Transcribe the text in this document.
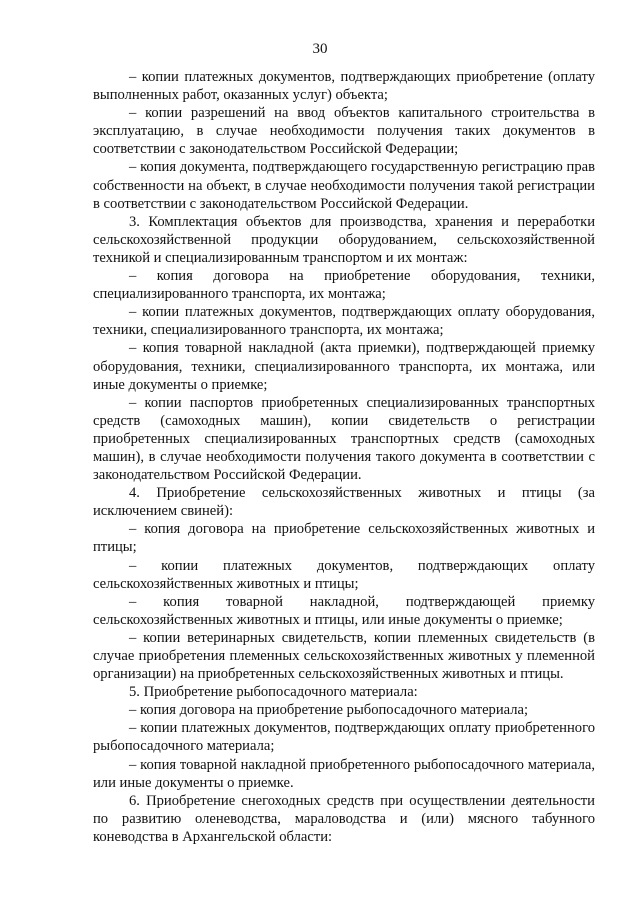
30

– копии платежных документов, подтверждающих приобретение (оплату выполненных работ, оказанных услуг) объекта;

– копии разрешений на ввод объектов капитального строительства в эксплуатацию, в случае необходимости получения таких документов в соответствии с законодательством Российской Федерации;

– копия документа, подтверждающего государственную регистрацию прав собственности на объект, в случае необходимости получения такой регистрации в соответствии с законодательством Российской Федерации.

3. Комплектация объектов для производства, хранения и переработки сельскохозяйственной продукции оборудованием, сельскохозяйственной техникой и специализированным транспортом и их монтаж:

– копия договора на приобретение оборудования, техники, специализированного транспорта, их монтажа;

– копии платежных документов, подтверждающих оплату оборудования, техники, специализированного транспорта, их монтажа;

– копия товарной накладной (акта приемки), подтверждающей приемку оборудования, техники, специализированного транспорта, их монтажа, или иные документы о приемке;

– копии паспортов приобретенных специализированных транспортных средств (самоходных машин), копии свидетельств о регистрации приобретенных специализированных транспортных средств (самоходных машин), в случае необходимости получения такого документа в соответствии с законодательством Российской Федерации.

4. Приобретение сельскохозяйственных животных и птицы (за исключением свиней):

– копия договора на приобретение сельскохозяйственных животных и птицы;

– копии платежных документов, подтверждающих оплату сельскохозяйственных животных и птицы;

– копия товарной накладной, подтверждающей приемку сельскохозяйственных животных и птицы, или иные документы о приемке;

– копии ветеринарных свидетельств, копии племенных свидетельств (в случае приобретения племенных сельскохозяйственных животных у племенной организации) на приобретенных сельскохозяйственных животных и птицы.

5. Приобретение рыбопосадочного материала:

– копия договора на приобретение рыбопосадочного материала;

– копии платежных документов, подтверждающих оплату приобретенного рыбопосадочного материала;

– копия товарной накладной приобретенного рыбопосадочного материала, или иные документы о приемке.

6. Приобретение снегоходных средств при осуществлении деятельности по развитию оленеводства, мараловодства и (или) мясного табунного коневодства в Архангельской области:
